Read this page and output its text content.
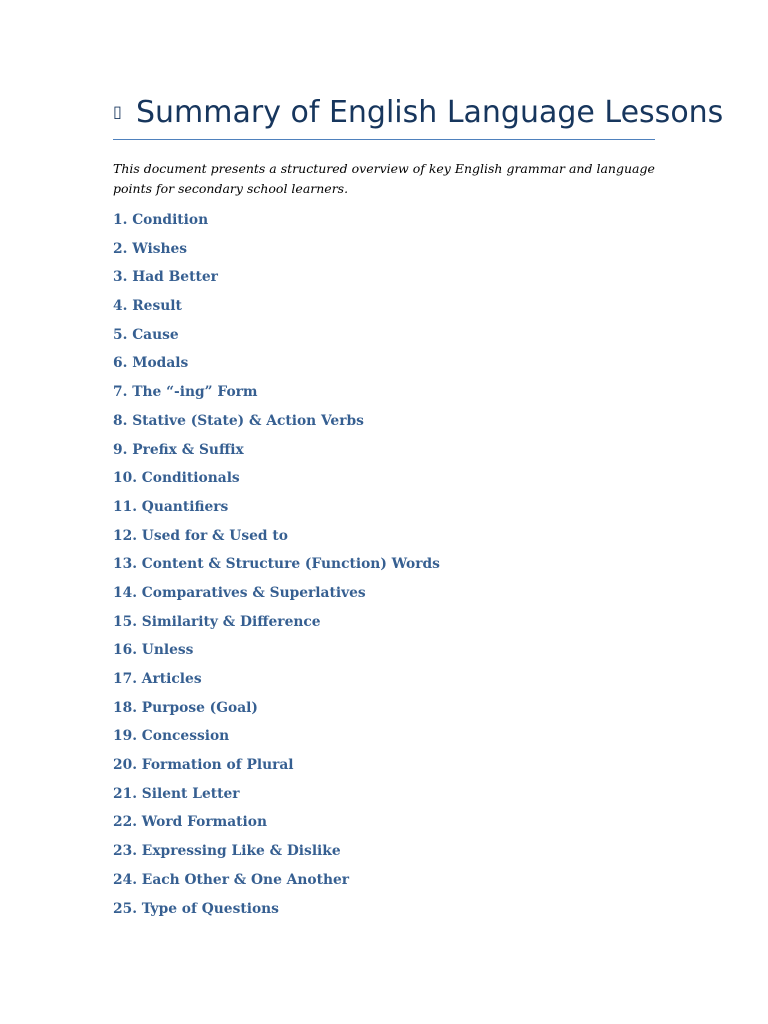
▯ Summary of English Language Lessons

This document presents a structured overview of key English grammar and language points for secondary school learners.

1. Condition
2. Wishes
3. Had Better
4. Result
5. Cause
6. Modals
7. The “-ing” Form
8. Stative (State) & Action Verbs
9. Prefix & Suffix
10. Conditionals
11. Quantifiers
12. Used for & Used to
13. Content & Structure (Function) Words
14. Comparatives & Superlatives
15. Similarity & Difference
16. Unless
17. Articles
18. Purpose (Goal)
19. Concession
20. Formation of Plural
21. Silent Letter
22. Word Formation
23. Expressing Like & Dislike
24. Each Other & One Another
25. Type of Questions
